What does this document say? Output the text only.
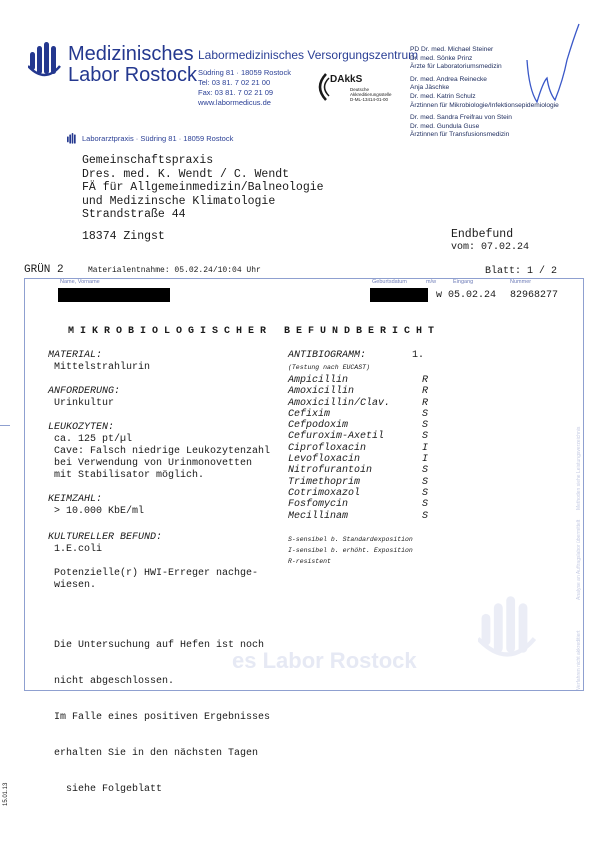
Medizinisches
Labor Rostock
Labormedizinisches Versorgungszentrum
Südring 81 · 18059 Rostock
Tel: 03 81. 7 02 21 00
Fax: 03 81. 7 02 21 09
www.labormedicus.de
DAkkS
Deutsche
Akkreditierungsstelle
D-ML-13414-01-00
PD Dr. med. Michael Steiner
Dr. med. Sönke Prinz
Ärzte für Laboratoriumsmedizin
Dr. med. Andrea Reinecke
Anja Jäschke
Dr. med. Katrin Schulz
Ärztinnen für Mikrobiologie/Infektionsepidemiologie
Dr. med. Sandra Freifrau von Stein
Dr. med. Gundula Guse
Ärztinnen für Transfusionsmedizin
Laborarztpraxis · Südring 81 · 18059 Rostock
Gemeinschaftspraxis
Dres. med. K. Wendt / C. Wendt
FÄ für Allgemeinmedizin/Balneologie
und Medizinsche Klimatologie
Strandstraße 44
18374 Zingst	Endbefund
vom: 07.02.24
GRÜN 2	Materialentnahme: 05.02.24/10:04 Uhr	Blatt: 1 / 2
Name, Vorname	Geburtsdatum	m/w	Eingang	Nummer
w 05.02.24 82968277
M I K R O B I O L O G I S C H E R   B E F U N D B E R I C H T
MATERIAL:
Mittelstrahlurin
ANFORDERUNG:
Urinkultur
LEUKOZYTEN:
ca. 125 pt/µl
Cave: Falsch niedrige Leukozytenzahl
bei Verwendung von Urinmonovetten
mit Stabilisator möglich.
KEIMZAHL:
> 10.000 KbE/ml
KULTURELLER BEFUND:
1.E.coli
Potenzielle(r) HWI-Erreger nachge-
wiesen.

Die Untersuchung auf Hefen ist noch

nicht abgeschlossen.

Im Falle eines positiven Ergebnisses

erhalten Sie in den nächsten Tagen

siehe Folgeblatt

ANTIBIOGRAMM:	1.
(Testung nach EUCAST)
Ampicillin	R
Amoxicillin	R
Amoxicillin/Clav.	R
Cefixim	S
Cefpodoxim	S
Cefuroxim-Axetil	S
Ciprofloxacin	I
Levofloxacin	I
Nitrofurantoin	S
Trimethoprim	S
Cotrimoxazol	S
Fosfomycin	S
Mecillinam	S
S-sensibel b. Standardexposition
I-sensibel b. erhöht. Exposition
R-resistent
es Labor Rostock	Verfahren nicht akkreditiert
Analyse an Auftragslabor übermittelt
Methoden siehe Leistungsverzeichnis
15.01.13
